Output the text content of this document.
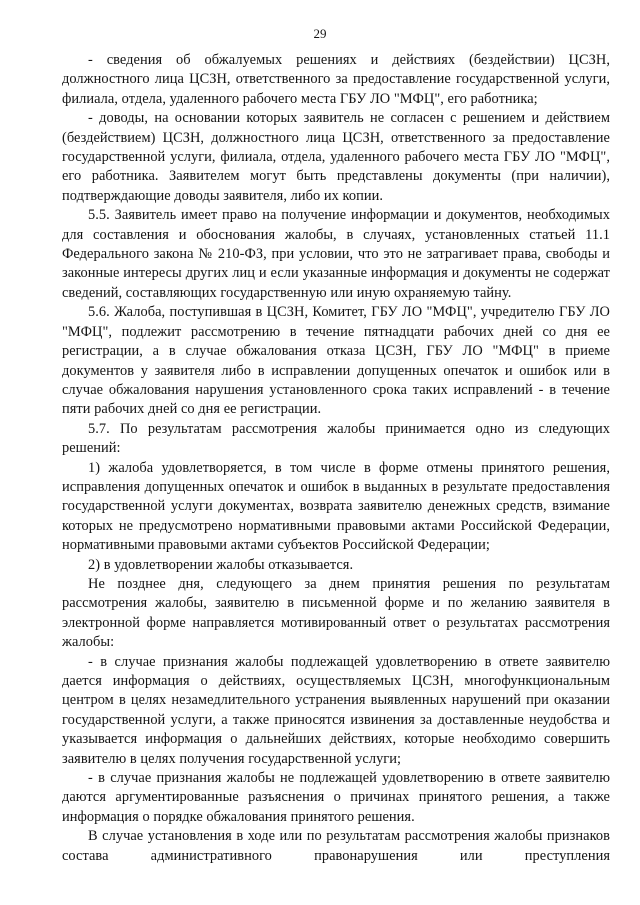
29

- сведения об обжалуемых решениях и действиях (бездействии) ЦСЗН, должностного лица ЦСЗН, ответственного за предоставление государственной услуги, филиала, отдела, удаленного рабочего места ГБУ ЛО "МФЦ", его работника;

- доводы, на основании которых заявитель не согласен с решением и действием (бездействием) ЦСЗН, должностного лица ЦСЗН, ответственного за предоставление государственной услуги, филиала, отдела, удаленного рабочего места ГБУ ЛО "МФЦ", его работника. Заявителем могут быть представлены документы (при наличии), подтверждающие доводы заявителя, либо их копии.

5.5. Заявитель имеет право на получение информации и документов, необходимых для составления и обоснования жалобы, в случаях, установленных статьей 11.1 Федерального закона № 210-ФЗ, при условии, что это не затрагивает права, свободы и законные интересы других лиц и если указанные информация и документы не содержат сведений, составляющих государственную или иную охраняемую тайну.

5.6. Жалоба, поступившая в ЦСЗН, Комитет, ГБУ ЛО "МФЦ", учредителю ГБУ ЛО "МФЦ", подлежит рассмотрению в течение пятнадцати рабочих дней со дня ее регистрации, а в случае обжалования отказа ЦСЗН, ГБУ ЛО "МФЦ" в приеме документов у заявителя либо в исправлении допущенных опечаток и ошибок или в случае обжалования нарушения установленного срока таких исправлений - в течение пяти рабочих дней со дня ее регистрации.

5.7. По результатам рассмотрения жалобы принимается одно из следующих решений:

1) жалоба удовлетворяется, в том числе в форме отмены принятого решения, исправления допущенных опечаток и ошибок в выданных в результате предоставления государственной услуги документах, возврата заявителю денежных средств, взимание которых не предусмотрено нормативными правовыми актами Российской Федерации, нормативными правовыми актами субъектов Российской Федерации;

2) в удовлетворении жалобы отказывается.

Не позднее дня, следующего за днем принятия решения по результатам рассмотрения жалобы, заявителю в письменной форме и по желанию заявителя в электронной форме направляется мотивированный ответ о результатах рассмотрения жалобы:

- в случае признания жалобы подлежащей удовлетворению в ответе заявителю дается информация о действиях, осуществляемых ЦСЗН, многофункциональным центром в целях незамедлительного устранения выявленных нарушений при оказании государственной услуги, а также приносятся извинения за доставленные неудобства и указывается информация о дальнейших действиях, которые необходимо совершить заявителю в целях получения государственной услуги;

- в случае признания жалобы не подлежащей удовлетворению в ответе заявителю даются аргументированные разъяснения о причинах принятого решения, а также информация о порядке обжалования принятого решения.

В случае установления в ходе или по результатам рассмотрения жалобы признаков состава административного правонарушения или преступления
